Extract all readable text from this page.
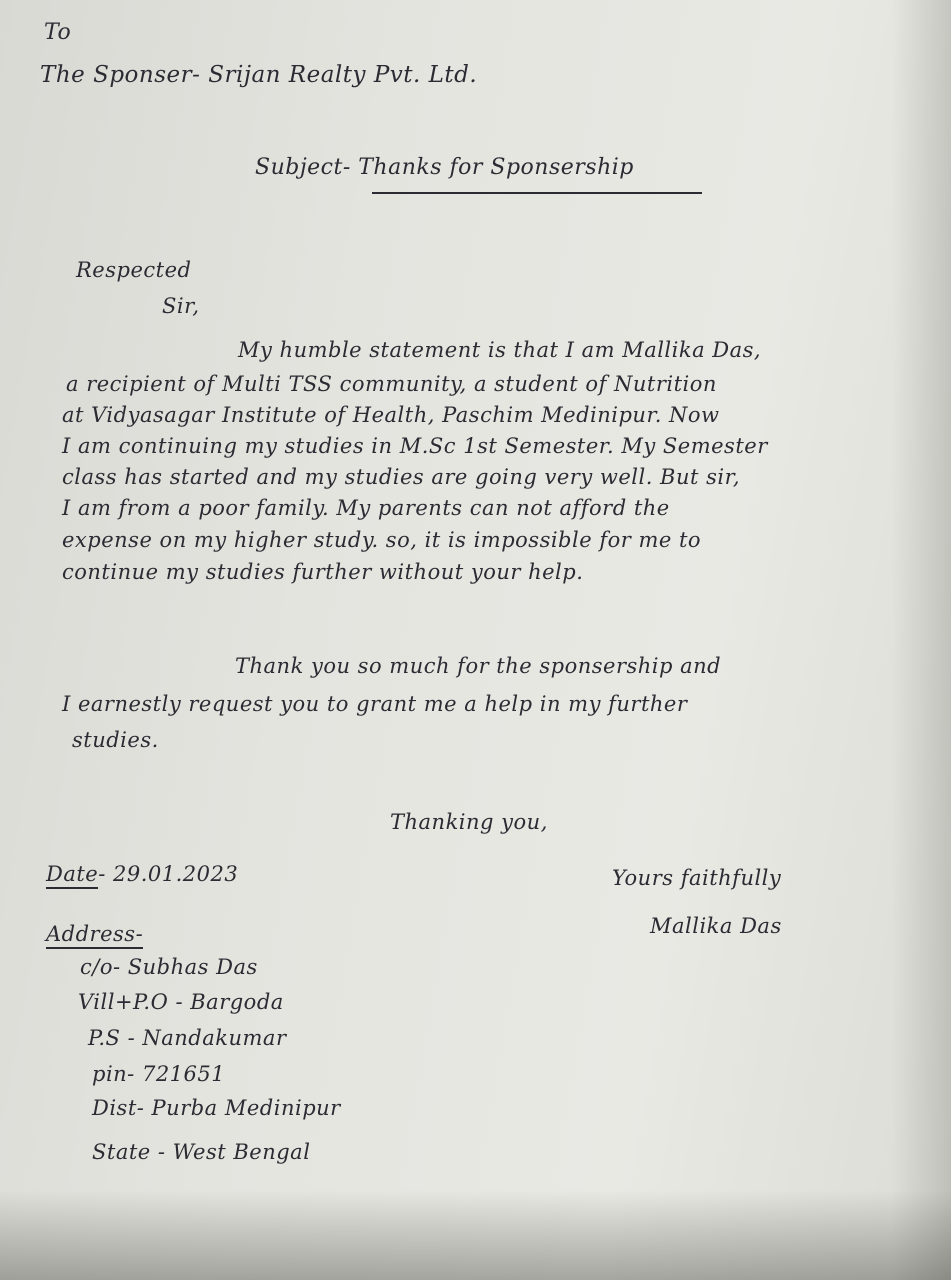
To
The Sponser- Srijan Realty Pvt. Ltd.
Subject- Thanks for Sponsership
Respected
Sir,
My humble statement is that I am Mallika Das,
a recipient of Multi TSS community, a student of Nutrition
at Vidyasagar Institute of Health, Paschim Medinipur. Now
I am continuing my studies in M.Sc 1st Semester. My Semester
class has started and my studies are going very well. But sir,
I am from a poor family. My parents can not afford the
expense on my higher study. so, it is impossible for me to
continue my studies further without your help.
Thank you so much for the sponsership and
I earnestly request you to grant me a help in my further
studies.
Thanking you,
Date- 29.01.2023	Yours faithfully
Mallika Das
Address-
c/o- Subhas Das
Vill+P.O - Bargoda
P.S - Nandakumar
pin- 721651
Dist- Purba Medinipur
State - West Bengal
